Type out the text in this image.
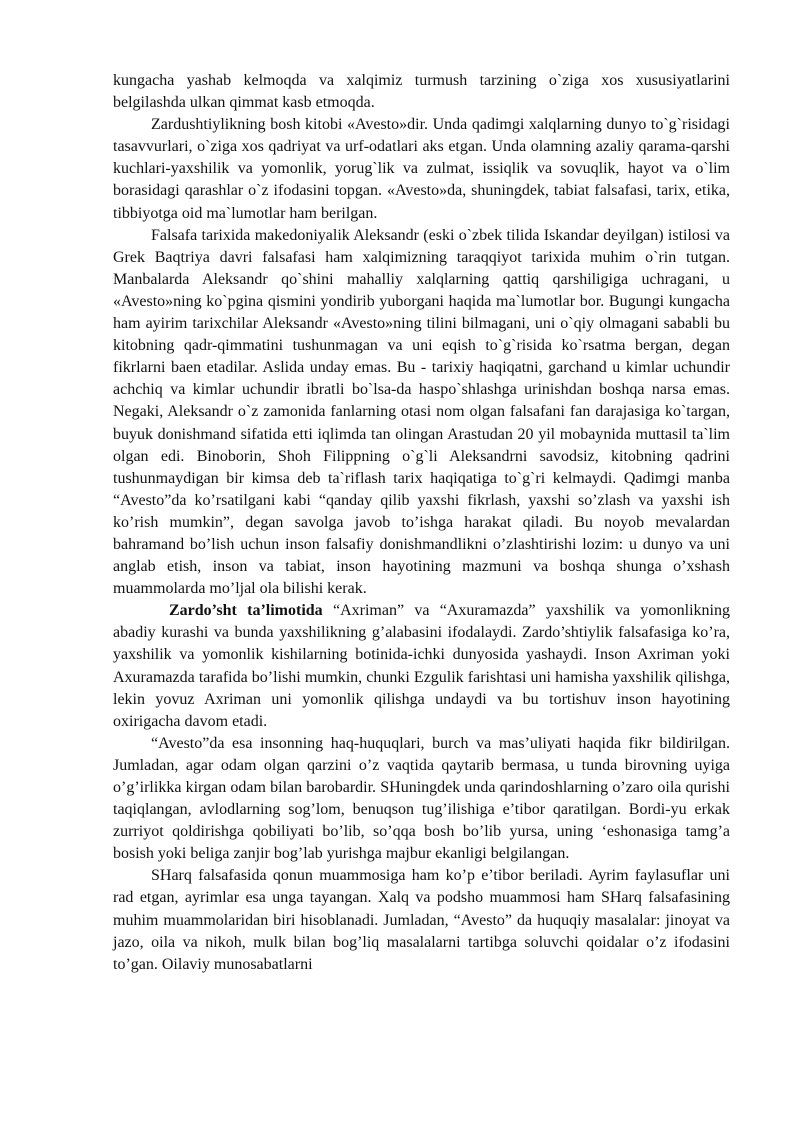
kungacha yashab kelmoqda va xalqimiz turmush tarzining o`ziga xos xususiyatlarini belgilashda ulkan qimmat kasb etmoqda.

Zardushtiylikning bosh kitobi «Avesto»dir. Unda qadimgi xalqlarning dunyo to`g`risidagi tasavvurlari, o`ziga xos qadriyat va urf-odatlari aks etgan. Unda olamning azaliy qarama-qarshi kuchlari-yaxshilik va yomonlik, yorug`lik va zulmat, issiqlik va sovuqlik, hayot va o`lim borasidagi qarashlar o`z ifodasini topgan. «Avesto»da, shuningdek, tabiat falsafasi, tarix, etika, tibbiyotga oid ma`lumotlar ham berilgan.

Falsafa tarixida makedoniyalik Aleksandr (eski o`zbek tilida Iskandar deyilgan) istilosi va Grek Baqtriya davri falsafasi ham xalqimizning taraqqiyot tarixida muhim o`rin tutgan. Manbalarda Aleksandr qo`shini mahalliy xalqlarning qattiq qarshiligiga uchragani, u «Avesto»ning ko`pgina qismini yondirib yuborgani haqida ma`lumotlar bor. Bugungi kungacha ham ayirim tarixchilar Aleksandr «Avesto»ning tilini bilmagani, uni o`qiy olmagani sababli bu kitobning qadr-qimmatini tushunmagan va uni eqish to`g`risida ko`rsatma bergan, degan fikrlarni baen etadilar. Aslida unday emas. Bu - tarixiy haqiqatni, garchand u kimlar uchundir achchiq va kimlar uchundir ibratli bo`lsa-da haspo`shlashga urinishdan boshqa narsa emas. Negaki, Aleksandr o`z zamonida fanlarning otasi nom olgan falsafani fan darajasiga ko`targan, buyuk donishmand sifatida etti iqlimda tan olingan Arastudan 20 yil mobaynida muttasil ta`lim olgan edi. Binoborin, Shoh Filippning o`g`li Aleksandrni savodsiz, kitobning qadrini tushunmaydigan bir kimsa deb ta`riflash tarix haqiqatiga to`g`ri kelmaydi. Qadimgi manba “Avesto”da ko’rsatilgani kabi “qanday qilib yaxshi fikrlash, yaxshi so’zlash va yaxshi ish ko’rish mumkin”, degan savolga javob to’ishga harakat qiladi. Bu noyob mevalardan bahramand bo’lish uchun inson falsafiy donishmandlikni o’zlashtirishi lozim: u dunyo va uni anglab etish, inson va tabiat, inson hayotining mazmuni va boshqa shunga o’xshash muammolarda mo’ljal ola bilishi kerak.

Zardo’sht ta’limotida “Axriman” va “Axuramazda” yaxshilik va yomonlikning abadiy kurashi va bunda yaxshilikning g’alabasini ifodalaydi. Zardo’shtiylik falsafasiga ko’ra, yaxshilik va yomonlik kishilarning botinida-ichki dunyosida yashaydi. Inson Axriman yoki Axuramazda tarafida bo’lishi mumkin, chunki Ezgulik farishtasi uni hamisha yaxshilik qilishga, lekin yovuz Axriman uni yomonlik qilishga undaydi va bu tortishuv inson hayotining oxirigacha davom etadi.

“Avesto”da esa insonning haq-huquqlari, burch va mas’uliyati haqida fikr bildirilgan. Jumladan, agar odam olgan qarzini o’z vaqtida qaytarib bermasa, u tunda birovning uyiga o’g’irlikka kirgan odam bilan barobardir. SHuningdek unda qarindoshlarning o’zaro oila qurishi taqiqlangan, avlodlarning sog’lom, benuqson tug’ilishiga e’tibor qaratilgan. Bordi-yu erkak zurriyot qoldirishga qobiliyati bo’lib, so’qqa bosh bo’lib yursa, uning ‘eshonasiga tamg’a bosish yoki beliga zanjir bog’lab yurishga majbur ekanligi belgilangan.

SHarq falsafasida qonun muammosiga ham ko’p e’tibor beriladi. Ayrim faylasuflar uni rad etgan, ayrimlar esa unga tayangan. Xalq va podsho muammosi ham SHarq falsafasining muhim muammolaridan biri hisoblanadi. Jumladan, “Avesto” da huquqiy masalalar: jinoyat va jazo, oila va nikoh, mulk bilan bog’liq masalalarni tartibga soluvchi qoidalar o’z ifodasini to’gan. Oilaviy munosabatlarni
